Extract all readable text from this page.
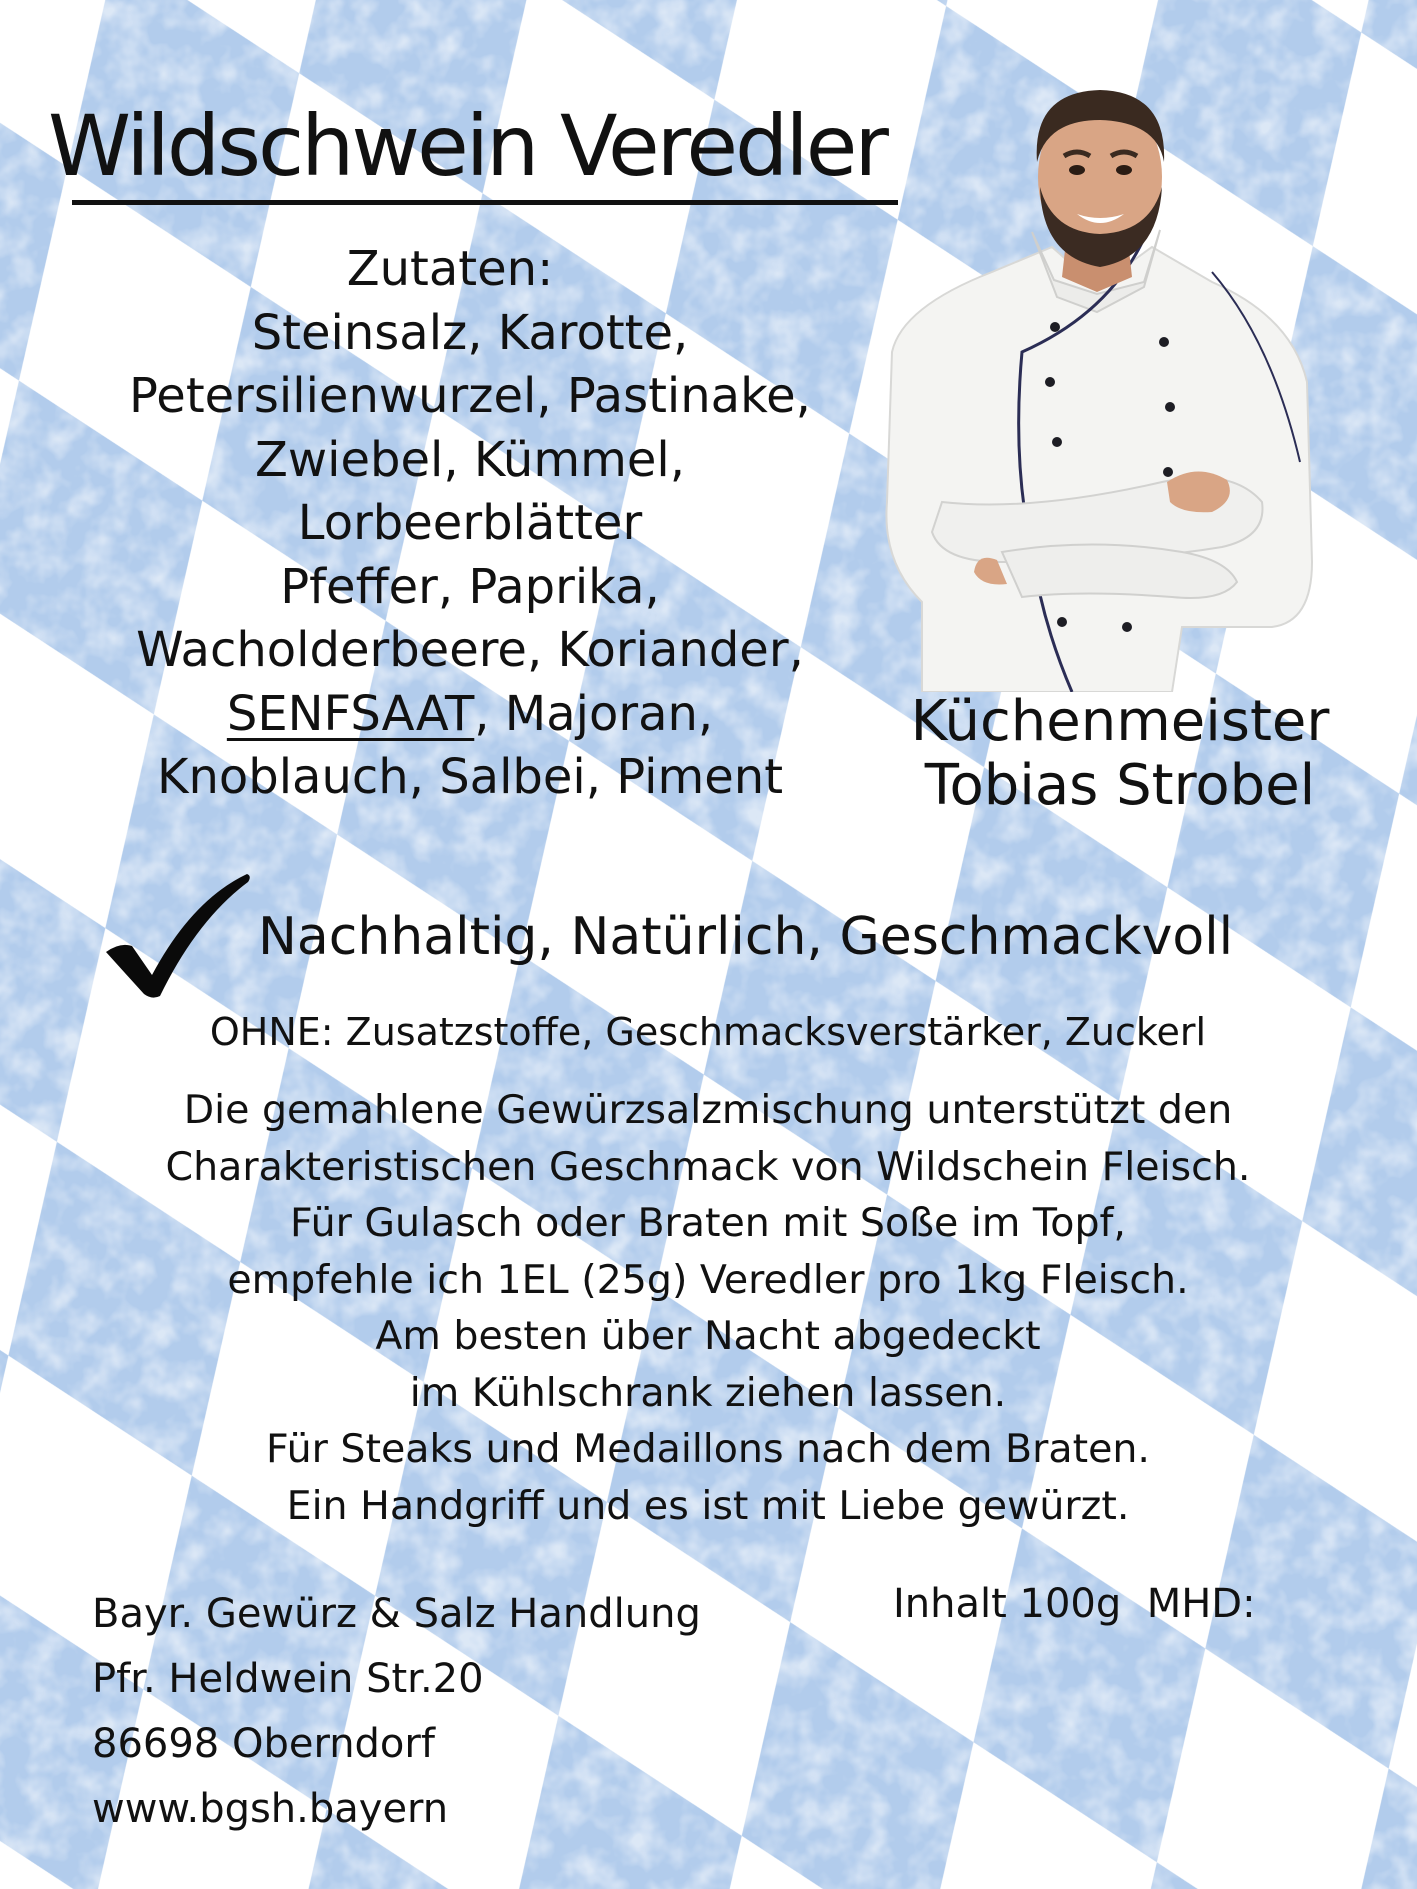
Wildschwein Veredler
Zutaten:
Steinsalz, Karotte,
Petersilienwurzel, Pastinake,
Zwiebel, Kümmel,
Lorbeerblätter
Pfeffer, Paprika,
Wacholderbeere, Koriander,
SENFSAAT, Majoran,
Knoblauch, Salbei, Piment
Küchenmeister
Tobias Strobel
Nachhaltig, Natürlich, Geschmackvoll
OHNE: Zusatzstoffe, Geschmacksverstärker, Zuckerl
Die gemahlene Gewürzsalzmischung unterstützt den
Charakteristischen Geschmack von Wildschein Fleisch.
Für Gulasch oder Braten mit Soße im Topf,
empfehle ich 1EL (25g) Veredler pro 1kg Fleisch.
Am besten über Nacht abgedeckt
im Kühlschrank ziehen lassen.
Für Steaks und Medaillons nach dem Braten.
Ein Handgriff und es ist mit Liebe gewürzt.
Bayr. Gewürz & Salz Handlung
Pfr. Heldwein Str.20
86698 Oberndorf
www.bgsh.bayern
Inhalt 100g  MHD:
